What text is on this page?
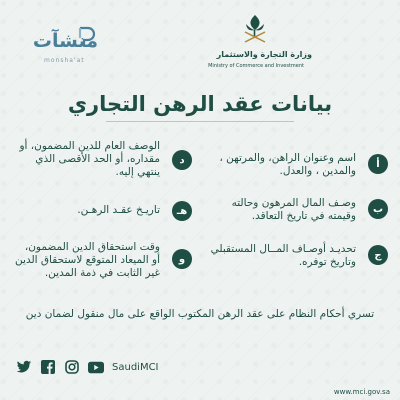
منشآت
monsha'at
وزارة التجارة والاستثمار
Ministry of Commerce and Investment
بيانات عقد الرهن التجاري
أ
اسم وعنوان الراهن، والمرتهن ، والمدين ، والعدل.
ب
وصـف المال المرهون وحالته وقيمته في تاريخ التعاقد.
ج
تحديـد أوصـاف المــال المستقبلي وتاريخ توفره.
د
الوصف العام للدين المضمون، أو مقداره، أو الحد الأقصى الذي ينتهي إليه.
هـ
تاريـخ عقـد الرهـن.
و
وقت استحقاق الدين المضمون، أو الميعاد المتوقع لاستحقاق الدين غير الثابت في ذمة المدين.
تسري أحكام النظام على عقد الرهن المكتوب الواقع على مال منقول لضمان دين
SaudiMCI
www.mci.gov.sa
